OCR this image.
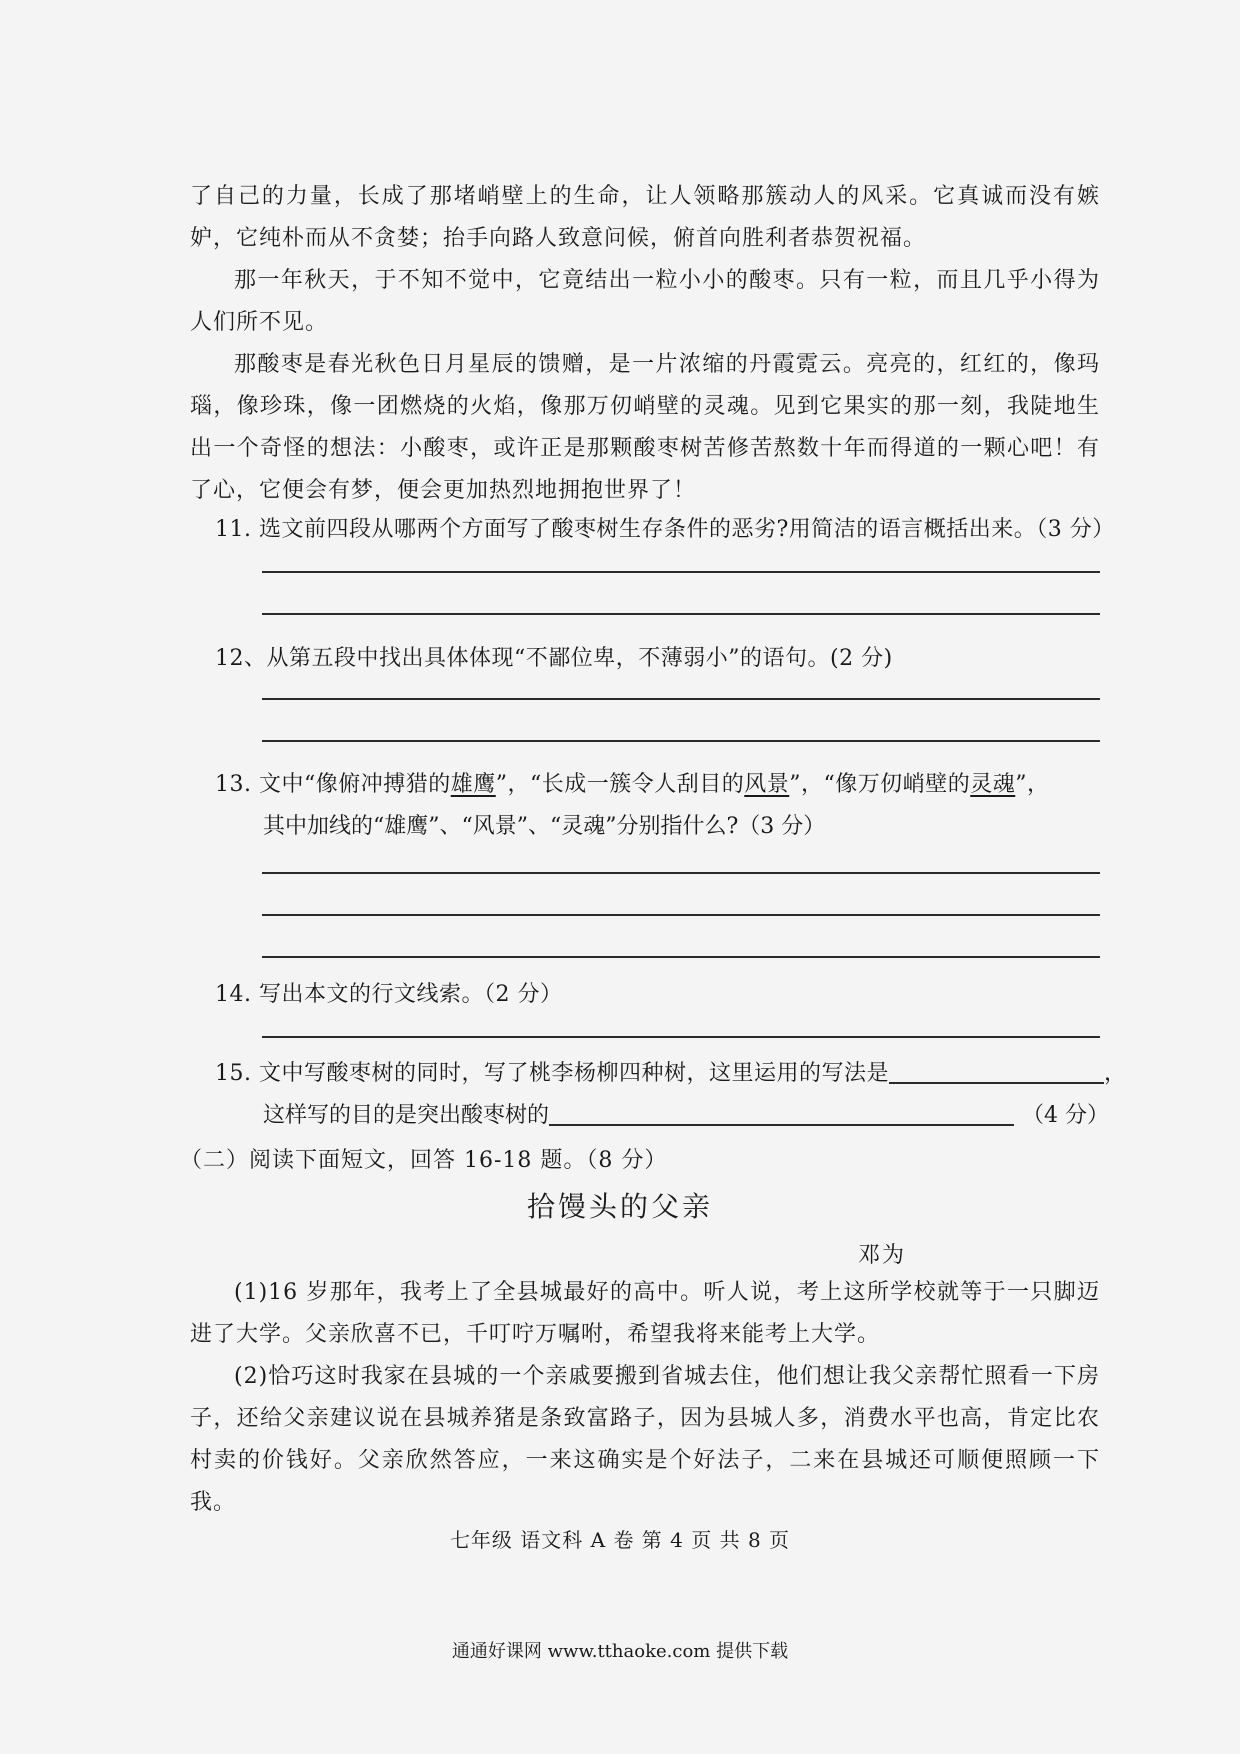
了自己的力量，长成了那堵峭壁上的生命，让人领略那簇动人的风采。它真诚而没有嫉妒，它纯朴而从不贪婪；抬手向路人致意问候，俯首向胜利者恭贺祝福。
那一年秋天，于不知不觉中，它竟结出一粒小小的酸枣。只有一粒，而且几乎小得为人们所不见。
那酸枣是春光秋色日月星辰的馈赠，是一片浓缩的丹霞霓云。亮亮的，红红的，像玛瑙，像珍珠，像一团燃烧的火焰，像那万仞峭壁的灵魂。见到它果实的那一刻，我陡地生出一个奇怪的想法：小酸枣，或许正是那颗酸枣树苦修苦熬数十年而得道的一颗心吧！有了心，它便会有梦，便会更加热烈地拥抱世界了！
11. 选文前四段从哪两个方面写了酸枣树生存条件的恶劣?用简洁的语言概括出来。（3 分）
12、从第五段中找出具体体现“不鄙位卑，不薄弱小”的语句。(2 分)
13. 文中“像俯冲搏猎的雄鹰”，“长成一簇令人刮目的风景”，“像万仞峭壁的灵魂”，
其中加线的“雄鹰”、“风景”、“灵魂”分别指什么?（3 分）
14. 写出本文的行文线索。（2 分）
15. 文中写酸枣树的同时，写了桃李杨柳四种树，这里运用的写法是	，
这样写的目的是突出酸枣树的	（4 分）
（二）阅读下面短文，回答 16-18 题。（8 分）
拾馒头的父亲
邓为
(1)16 岁那年，我考上了全县城最好的高中。听人说，考上这所学校就等于一只脚迈进了大学。父亲欣喜不已，千叮咛万嘱咐，希望我将来能考上大学。
(2)恰巧这时我家在县城的一个亲戚要搬到省城去住，他们想让我父亲帮忙照看一下房子，还给父亲建议说在县城养猪是条致富路子，因为县城人多，消费水平也高，肯定比农村卖的价钱好。父亲欣然答应，一来这确实是个好法子，二来在县城还可顺便照顾一下我。
七年级 语文科 A 卷 第 4 页 共 8 页
通通好课网 www.tthaoke.com 提供下载
